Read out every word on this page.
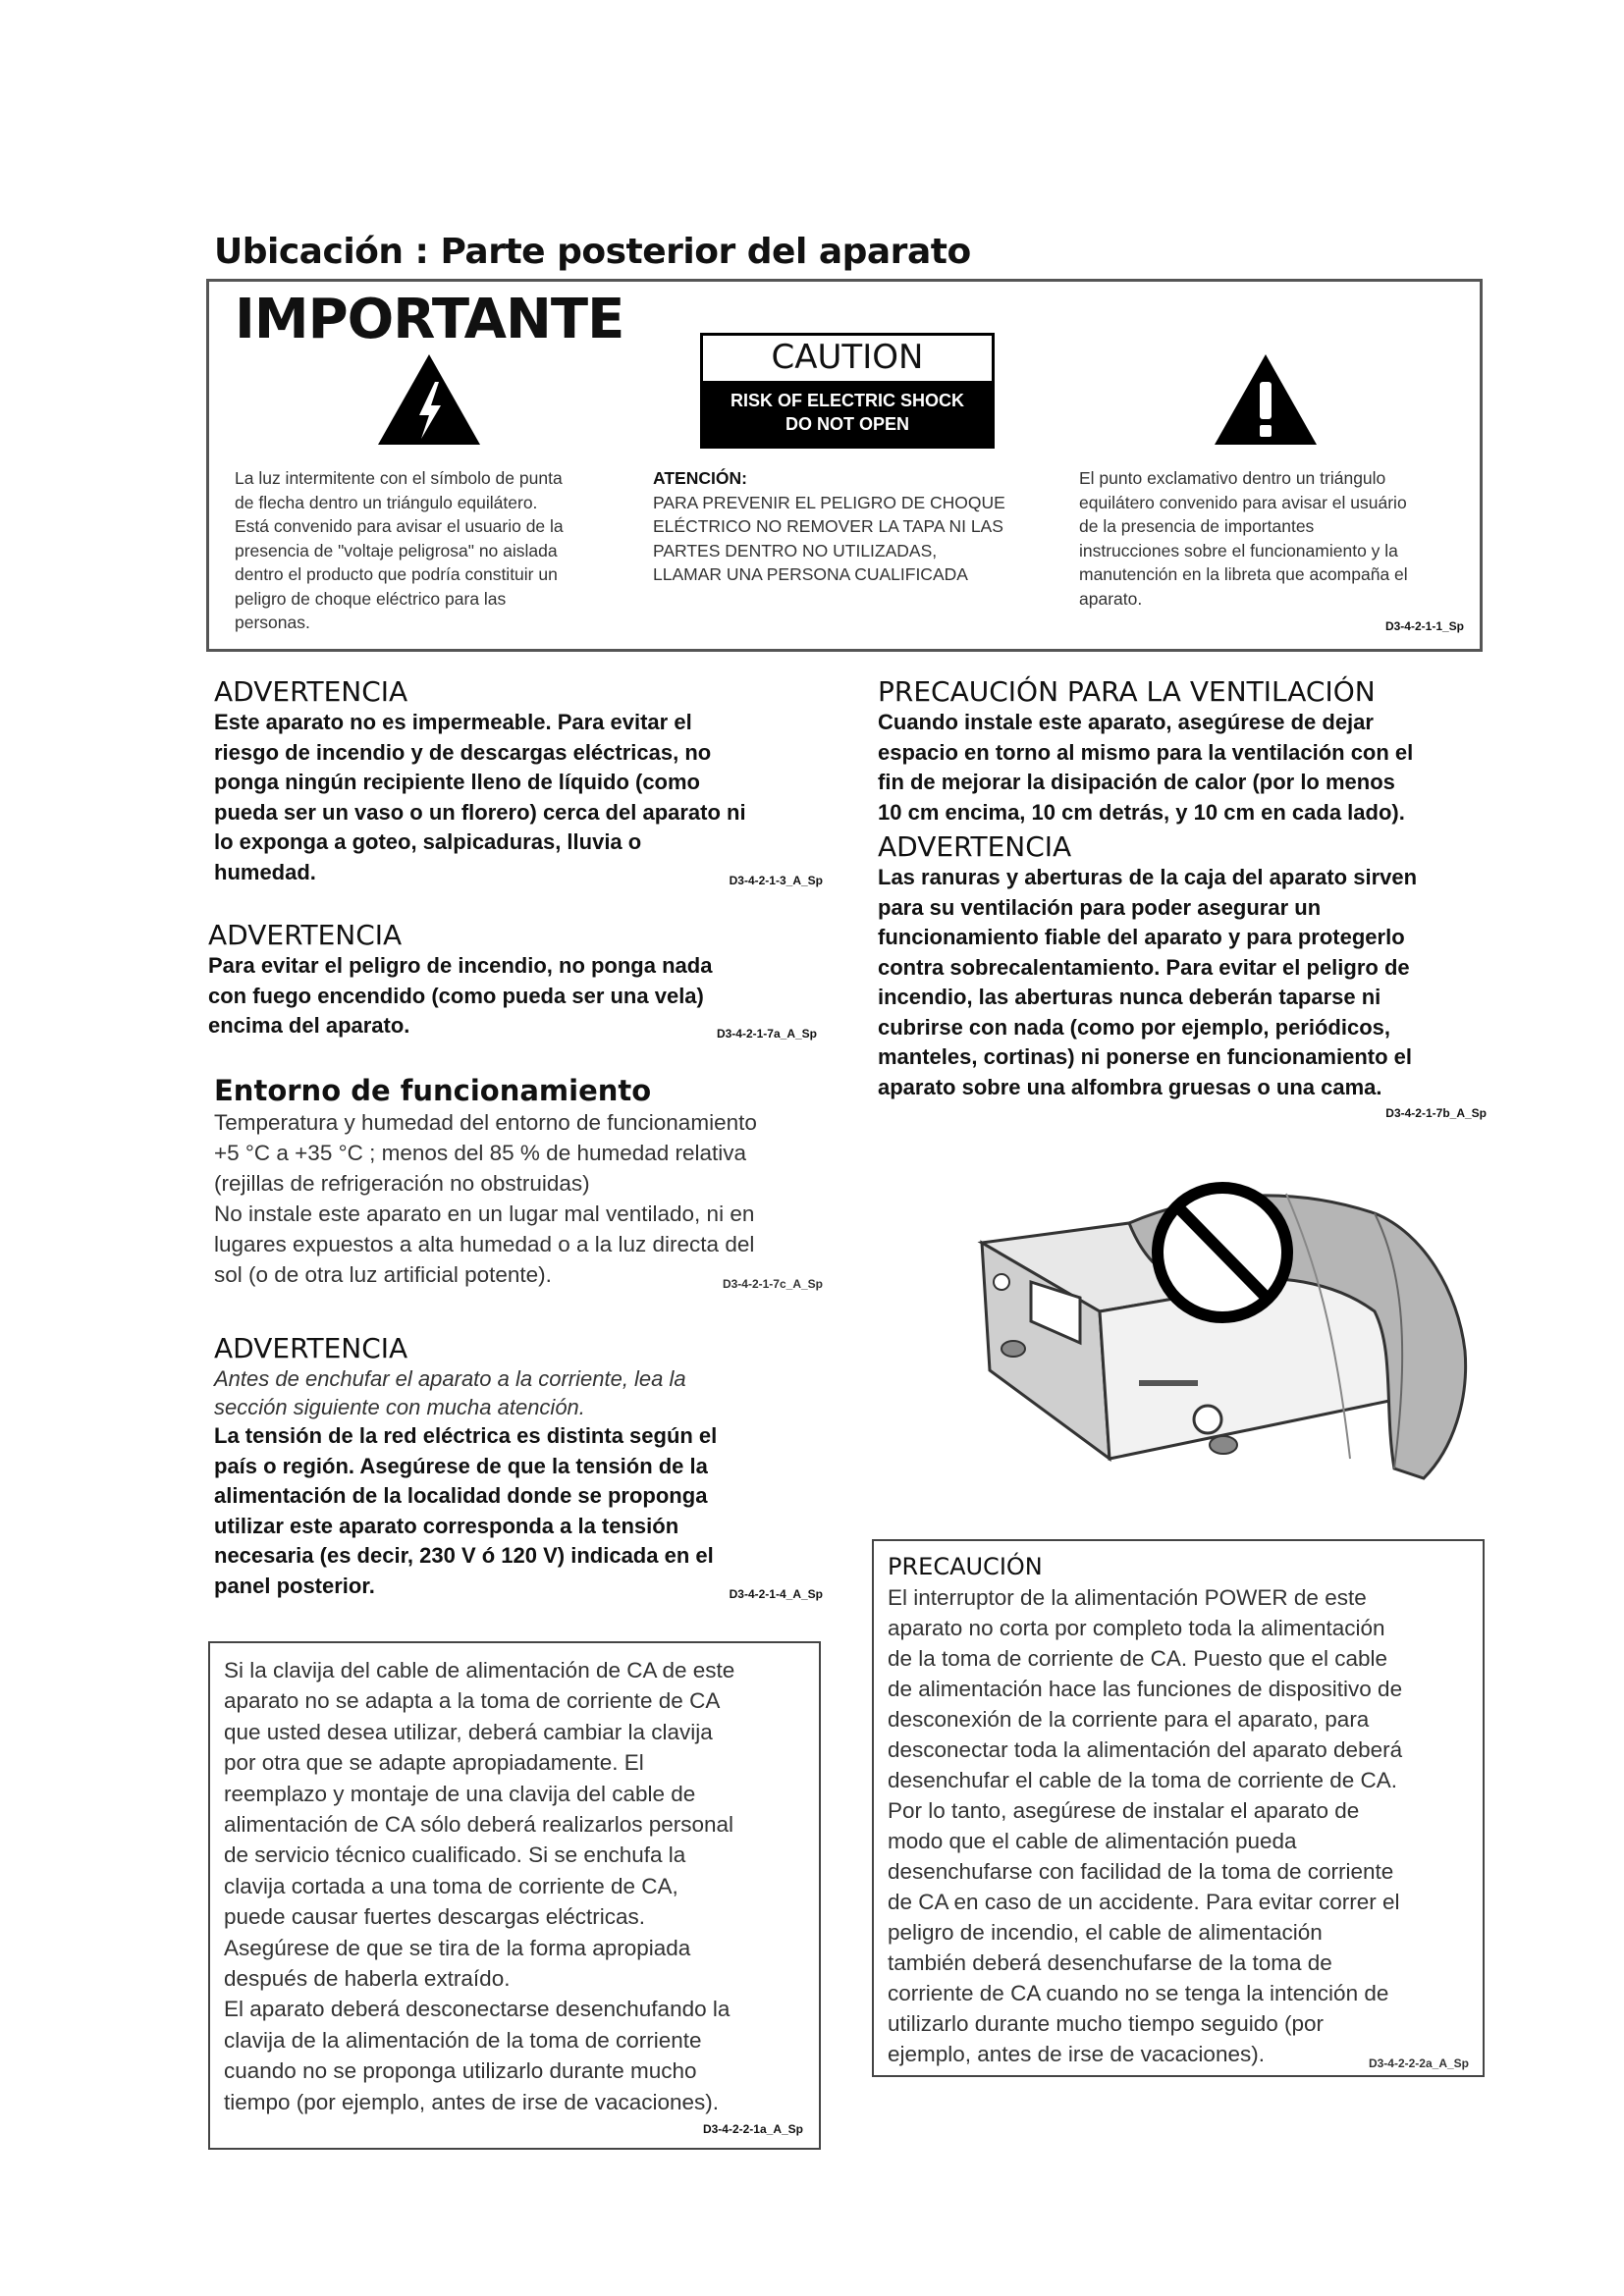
Ubicación : Parte posterior del aparato
IMPORTANTE
CAUTION
RISK OF ELECTRIC SHOCK
DO NOT OPEN
La luz intermitente con el símbolo de punta
de flecha dentro un triángulo equilátero.
Está convenido para avisar el usuario de la
presencia de "voltaje peligrosa" no aislada
dentro el producto que podría constituir un
peligro de choque eléctrico para las
personas.
ATENCIÓN:
PARA PREVENIR EL PELIGRO DE CHOQUE
ELÉCTRICO NO REMOVER LA TAPA NI LAS
PARTES DENTRO NO UTILIZADAS,
LLAMAR UNA PERSONA CUALIFICADA
El punto exclamativo dentro un triángulo
equilátero convenido para avisar el usuário
de la presencia de importantes
instrucciones sobre el funcionamiento y la
manutención en la libreta que acompaña el
aparato.
D3-4-2-1-1_Sp
ADVERTENCIA
Este aparato no es impermeable. Para evitar el
riesgo de incendio y de descargas eléctricas, no
ponga ningún recipiente lleno de líquido (como
pueda ser un vaso o un florero) cerca del aparato ni
lo exponga a goteo, salpicaduras, lluvia o
humedad.	D3-4-2-1-3_A_Sp
ADVERTENCIA
Para evitar el peligro de incendio, no ponga nada
con fuego encendido (como pueda ser una vela)
encima del aparato.	D3-4-2-1-7a_A_Sp
Entorno de funcionamiento
Temperatura y humedad del entorno de funcionamiento
+5 °C a +35 °C ; menos del 85 % de humedad relativa
(rejillas de refrigeración no obstruidas)
No instale este aparato en un lugar mal ventilado, ni en
lugares expuestos a alta humedad o a la luz directa del
sol (o de otra luz artificial potente).	D3-4-2-1-7c_A_Sp
ADVERTENCIA
Antes de enchufar el aparato a la corriente, lea la
sección siguiente con mucha atención.
La tensión de la red eléctrica es distinta según el
país o región. Asegúrese de que la tensión de la
alimentación de la localidad donde se proponga
utilizar este aparato corresponda a la tensión
necesaria (es decir, 230 V ó 120 V) indicada en el
panel posterior.	D3-4-2-1-4_A_Sp
Si la clavija del cable de alimentación de CA de este
aparato no se adapta a la toma de corriente de CA
que usted desea utilizar, deberá cambiar la clavija
por otra que se adapte apropiadamente. El
reemplazo y montaje de una clavija del cable de
alimentación de CA sólo deberá realizarlos personal
de servicio técnico cualificado. Si se enchufa la
clavija cortada a una toma de corriente de CA,
puede causar fuertes descargas eléctricas.
Asegúrese de que se tira de la forma apropiada
después de haberla extraído.
El aparato deberá desconectarse desenchufando la
clavija de la alimentación de la toma de corriente
cuando no se proponga utilizarlo durante mucho
tiempo (por ejemplo, antes de irse de vacaciones).
D3-4-2-2-1a_A_Sp
PRECAUCIÓN PARA LA VENTILACIÓN
Cuando instale este aparato, asegúrese de dejar
espacio en torno al mismo para la ventilación con el
fin de mejorar la disipación de calor (por lo menos
10 cm encima, 10 cm detrás, y 10 cm en cada lado).
ADVERTENCIA
Las ranuras y aberturas de la caja del aparato sirven
para su ventilación para poder asegurar un
funcionamiento fiable del aparato y para protegerlo
contra sobrecalentamiento. Para evitar el peligro de
incendio, las aberturas nunca deberán taparse ni
cubrirse con nada (como por ejemplo, periódicos,
manteles, cortinas) ni ponerse en funcionamiento el
aparato sobre una alfombra gruesas o una cama.
D3-4-2-1-7b_A_Sp
PRECAUCIÓN
El interruptor de la alimentación POWER de este
aparato no corta por completo toda la alimentación
de la toma de corriente de CA. Puesto que el cable
de alimentación hace las funciones de dispositivo de
desconexión de la corriente para el aparato, para
desconectar toda la alimentación del aparato deberá
desenchufar el cable de la toma de corriente de CA.
Por lo tanto, asegúrese de instalar el aparato de
modo que el cable de alimentación pueda
desenchufarse con facilidad de la toma de corriente
de CA en caso de un accidente. Para evitar correr el
peligro de incendio, el cable de alimentación
también deberá desenchufarse de la toma de
corriente de CA cuando no se tenga la intención de
utilizarlo durante mucho tiempo seguido (por
ejemplo, antes de irse de vacaciones).	D3-4-2-2-2a_A_Sp
